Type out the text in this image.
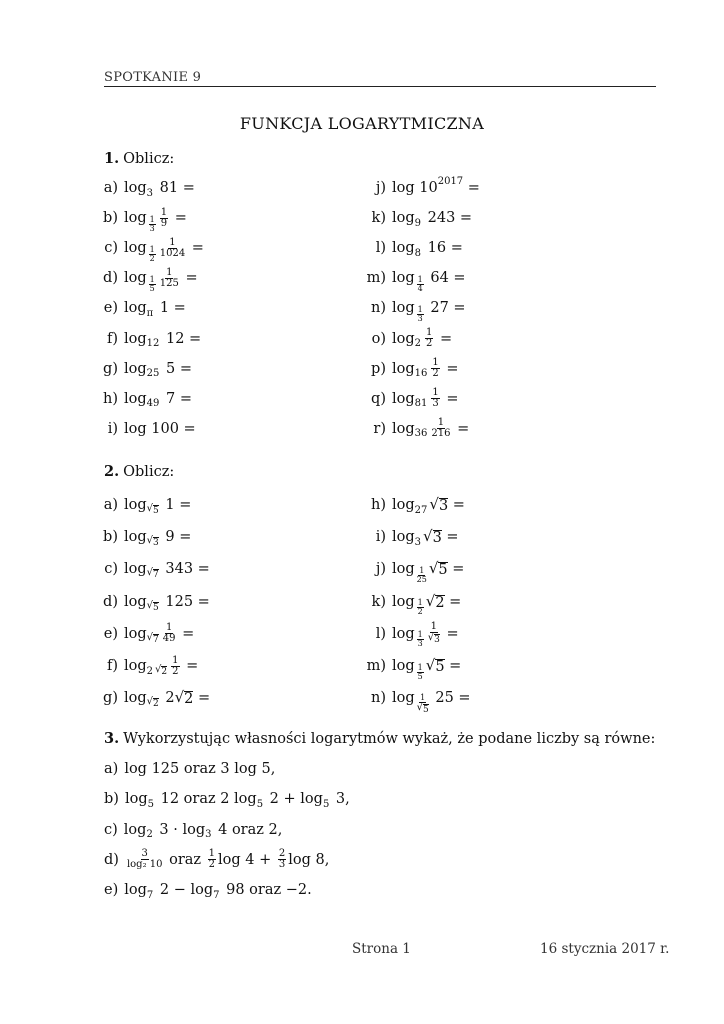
SPOTKANIE 9
FUNKCJA LOGARYTMICZNA
1. Oblicz:
2. Oblicz:
3. Wykorzystując własności logarytmów wykaż, że podane liczby są równe:
a) log 3 81 =
b) $\log \frac{1}{3} \frac{1}{9}$ =
c) $\log \frac{1}{2} \frac{1}{1024}$ =
d) $\log \frac{1}{5} \frac{1}{125}$ =
e) log π 1 =
f) log 12 12 =
g) log 25 5 =
h) log 49 7 =
i) log 100 =
j) log 10 2017 =
k) log 9 243 =
l) log 8 16 =
m) $\log \frac{1}{4} 64$ =
n) $\log \frac{1}{3} 27$ =
o) $\log 2 \frac{1}{2}$ =
p) $\log 16 \frac{1}{2}$ =
q) $\log 81 \frac{1}{3}$ =
r) $\log 36 \frac{1}{216}$ =
a) log √ 5 1 =
b) log √ 3 9 =
c) log √ 7 343 =
d) log √ 5 125 =
e) log √ $7 \frac{1}{49}$ =
f) log 2 √ $2 \frac{1}{2}$ =
g) log √ 2 2 √ 2 =
h) log 27 √ 3 =
i) log 3 √ 3 =
j) $\log \frac{1}{25}$ √ 5 =
k) $\log \frac{1}{2}$ √ 2 =
l) $\log \frac{1}{3} \frac{1}{√ 3}$ =
m) $\log \frac{1}{5}$ √ 5 =
n) $\log \frac{1}{√ 5} 25$ =
a) log 125 oraz 3 log 5,
b) log 5 12 oraz 2 log 5 2 + log 5 3,
c) log 2 3 · log 3 4 oraz 2,
$d) \frac{3}{\text{log₂ 10}}$ oraz $\frac{1}{2}$ $\log 4 + \frac{2}{3}$ log 8,
e) log 7 2 − log 7 98 oraz −2.
Strona 1	16 stycznia 2017 r.
